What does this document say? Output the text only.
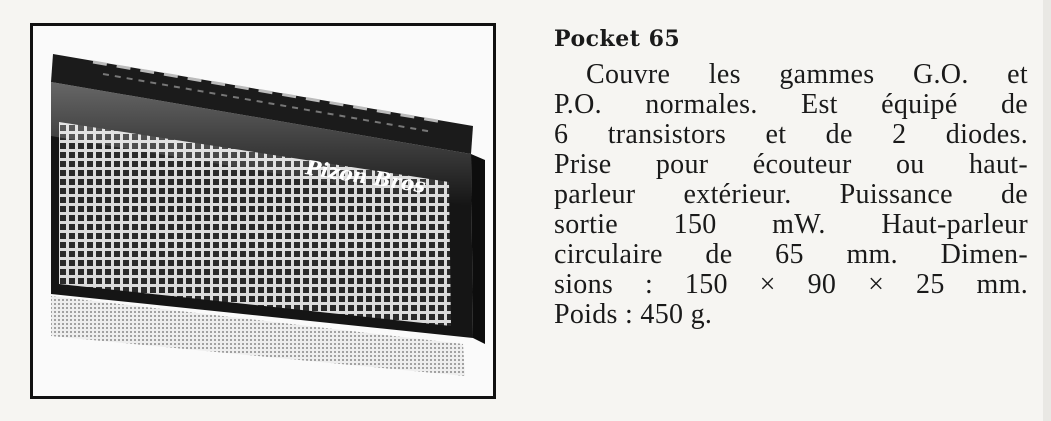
Pizon Bros
Pocket 65
Couvre les gammes G.O. et
P.O. normales. Est équipé de
6 transistors et de 2 diodes.
Prise pour écouteur ou haut-
parleur extérieur. Puissance de
sortie 150 mW. Haut-parleur
circulaire de 65 mm. Dimen-
sions : 150 × 90 × 25 mm.
Poids : 450 g.
